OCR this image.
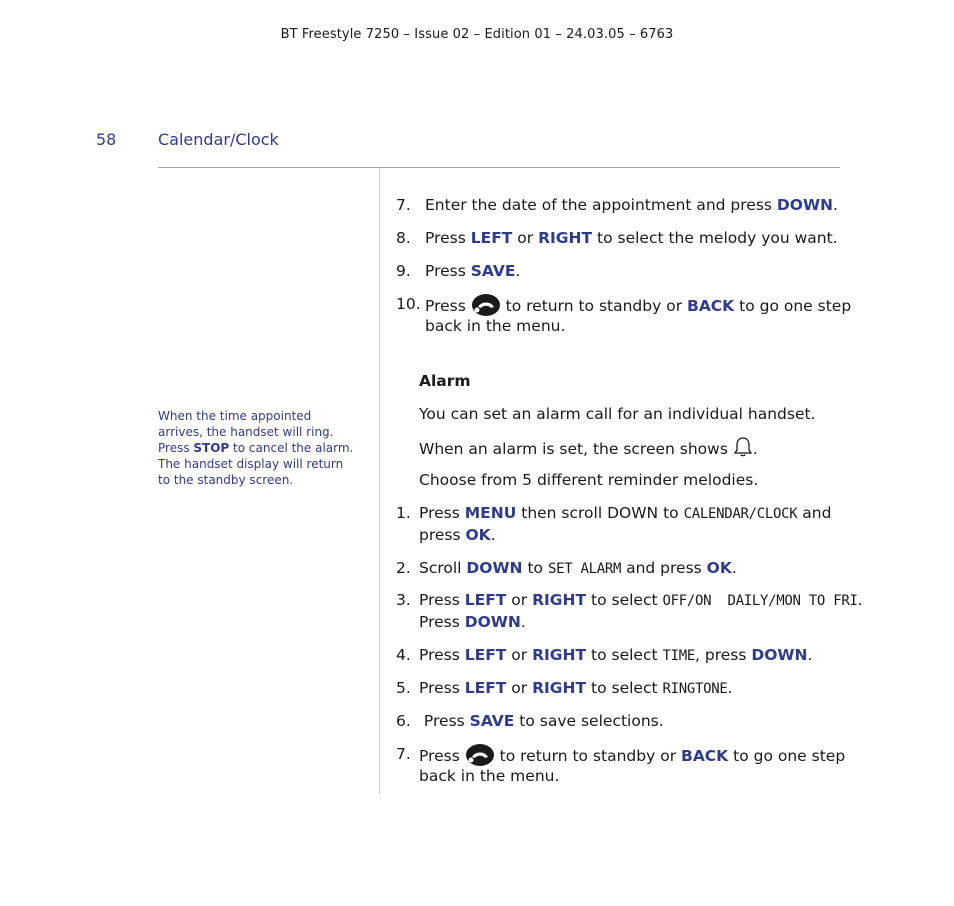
BT Freestyle 7250 – Issue 02 – Edition 01 – 24.03.05 – 6763
58	Calendar/Clock
When the time appointed arrives, the handset will ring. Press STOP to cancel the alarm. The handset display will return to the standby screen.
7. Enter the date of the appointment and press DOWN.
8. Press LEFT or RIGHT to select the melody you want.
9. Press SAVE.
10. Press  to return to standby or BACK to go one step
back in the menu.
Alarm
You can set an alarm call for an individual handset.
When an alarm is set, the screen shows .
Choose from 5 different reminder melodies.
1. Press MENU then scroll DOWN to CALENDAR/CLOCK and
press OK.
2. Scroll DOWN to SET ALARM and press OK.
3. Press LEFT or RIGHT to select OFF/ON  DAILY/MON TO FRI.
Press DOWN.
4. Press LEFT or RIGHT to select TIME, press DOWN.
5. Press LEFT or RIGHT to select RINGTONE.
6. Press SAVE to save selections.
7. Press  to return to standby or BACK to go one step
back in the menu.
